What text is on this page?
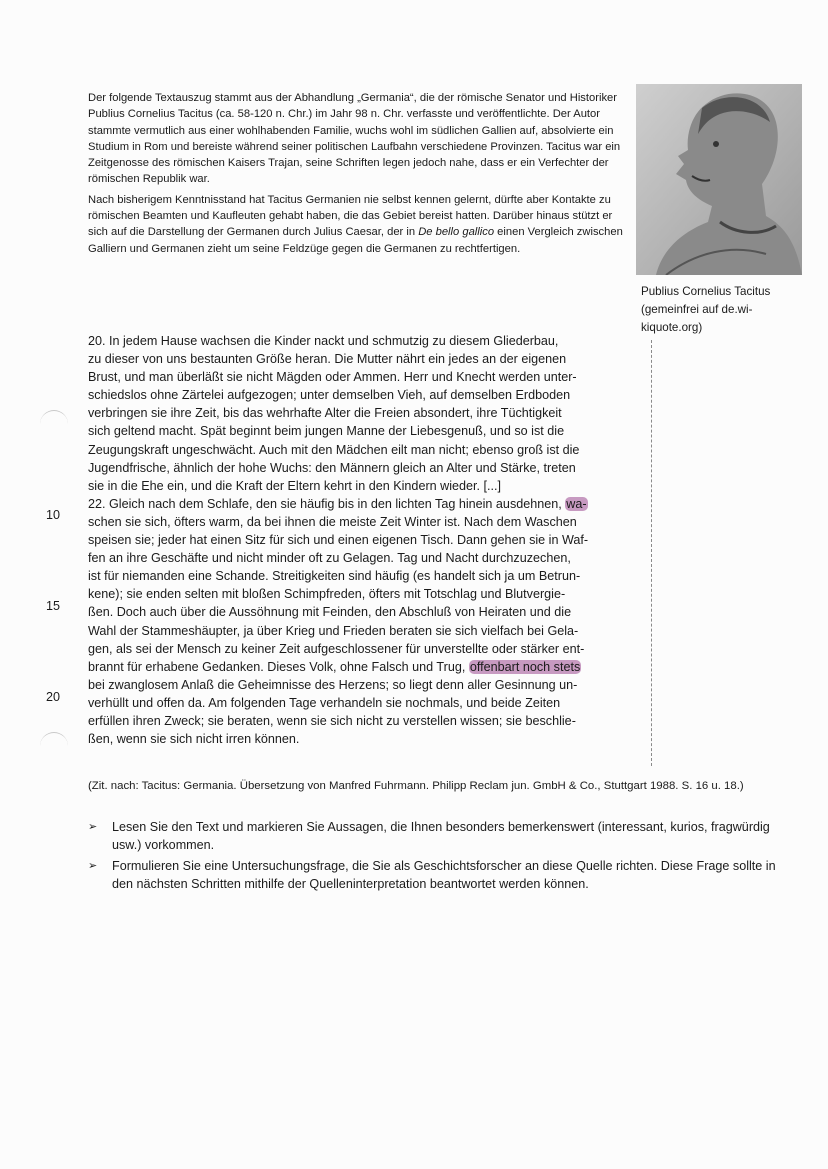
Der folgende Textauszug stammt aus der Abhandlung „Germania“, die der römische Senator und Historiker Publius Cornelius Tacitus (ca. 58-120 n. Chr.) im Jahr 98 n. Chr. verfasste und veröffentlichte. Der Autor stammte vermutlich aus einer wohlhabenden Familie, wuchs wohl im südlichen Gallien auf, absolvierte ein Studium in Rom und bereiste während seiner politischen Laufbahn verschiedene Provinzen. Tacitus war ein Zeitgenosse des römischen Kaisers Trajan, seine Schriften legen jedoch nahe, dass er ein Verfechter der römischen Republik war.

Nach bisherigem Kenntnisstand hat Tacitus Germanien nie selbst kennen gelernt, dürfte aber Kontakte zu römischen Beamten und Kaufleuten gehabt haben, die das Gebiet bereist hatten. Darüber hinaus stützt er sich auf die Darstellung der Germanen durch Julius Caesar, der in De bello gallico einen Vergleich zwischen Galliern und Germanen zieht um seine Feldzüge gegen die Germanen zu rechtfertigen.

Publius Cornelius Tacitus
(gemeinfrei auf de.wi-
kiquote.org)
20. In jedem Hause wachsen die Kinder nackt und schmutzig zu diesem Gliederbau,
zu dieser von uns bestaunten Größe heran. Die Mutter nährt ein jedes an der eigenen
Brust, und man überläßt sie nicht Mägden oder Ammen. Herr und Knecht werden unter-
schiedslos ohne Zärtelei aufgezogen; unter demselben Vieh, auf demselben Erdboden
verbringen sie ihre Zeit, bis das wehrhafte Alter die Freien absondert, ihre Tüchtigkeit
sich geltend macht. Spät beginnt beim jungen Manne der Liebesgenuß, und so ist die
Zeugungskraft ungeschwächt. Auch mit den Mädchen eilt man nicht; ebenso groß ist die
Jugendfrische, ähnlich der hohe Wuchs: den Männern gleich an Alter und Stärke, treten
sie in die Ehe ein, und die Kraft der Eltern kehrt in den Kindern wieder. [...]
22. Gleich nach dem Schlafe, den sie häufig bis in den lichten Tag hinein ausdehnen, wa-
schen sie sich, öfters warm, da bei ihnen die meiste Zeit Winter ist. Nach dem Waschen
speisen sie; jeder hat einen Sitz für sich und einen eigenen Tisch. Dann gehen sie in Waf-
fen an ihre Geschäfte und nicht minder oft zu Gelagen. Tag und Nacht durchzuzechen,
ist für niemanden eine Schande. Streitigkeiten sind häufig (es handelt sich ja um Betrun-
kene); sie enden selten mit bloßen Schimpfreden, öfters mit Totschlag und Blutvergie-
ßen. Doch auch über die Aussöhnung mit Feinden, den Abschluß von Heiraten und die
Wahl der Stammeshäupter, ja über Krieg und Frieden beraten sie sich vielfach bei Gela-
gen, als sei der Mensch zu keiner Zeit aufgeschlossener für unverstellte oder stärker ent-
brannt für erhabene Gedanken. Dieses Volk, ohne Falsch und Trug, offenbart noch stets
bei zwanglosem Anlaß die Geheimnisse des Herzens; so liegt denn aller Gesinnung un-
verhüllt und offen da. Am folgenden Tage verhandeln sie nochmals, und beide Zeiten
erfüllen ihren Zweck; sie beraten, wenn sie sich nicht zu verstellen wissen; sie beschlie-
ßen, wenn sie sich nicht irren können.
10
15
20
(Zit. nach: Tacitus: Germania. Übersetzung von Manfred Fuhrmann. Philipp Reclam jun. GmbH & Co., Stuttgart 1988. S. 16 u. 18.)
➢ Lesen Sie den Text und markieren Sie Aussagen, die Ihnen besonders bemerkenswert (interessant, kurios, fragwürdig usw.) vorkommen.
➢ Formulieren Sie eine Untersuchungsfrage, die Sie als Geschichtsforscher an diese Quelle richten. Diese Frage sollte in den nächsten Schritten mithilfe der Quelleninterpretation beantwortet werden können.
